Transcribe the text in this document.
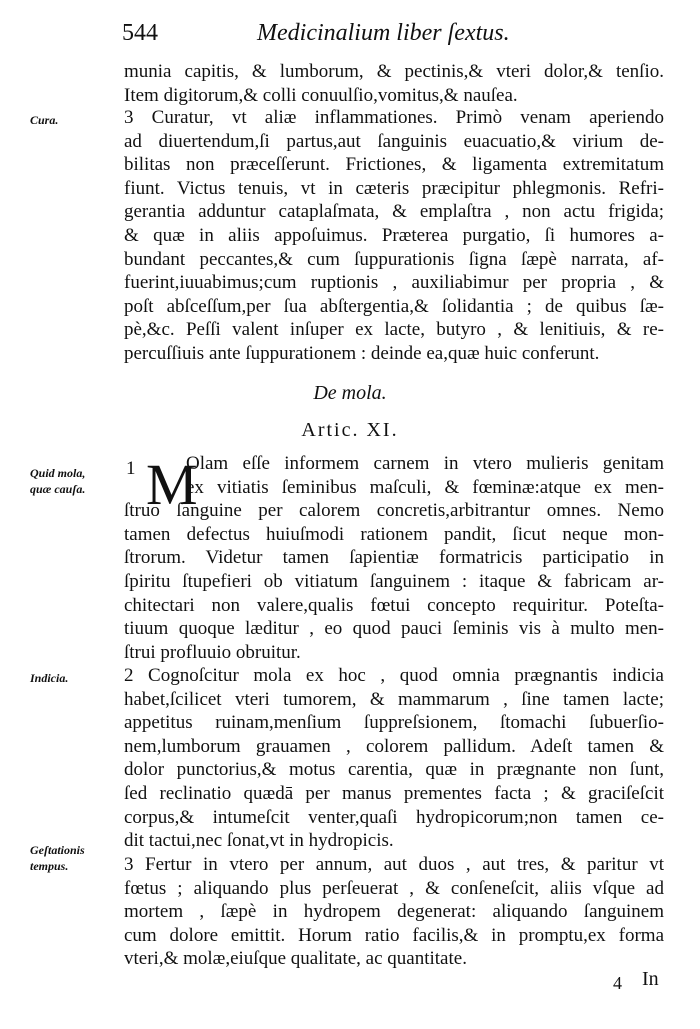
544	Medicinalium liber ſextus.
munia capitis, & lumborum, & pectinis,& vteri dolor,& tenſio.
Item digitorum,& colli conuulſio,vomitus,& nauſea.
Cura.	3 Curatur, vt aliæ inflammationes. Primò venam aperiendo
ad diuertendum,ſi partus,aut ſanguinis euacuatio,& virium de-
bilitas non præceſſerunt. Frictiones, & ligamenta extremitatum
fiunt. Victus tenuis, vt in cæteris præcipitur phlegmonis. Refri-
gerantia adduntur cataplaſmata, & emplaſtra , non actu frigida;
& quæ in aliis appoſuimus. Præterea purgatio, ſi humores a-
bundant peccantes,& cum ſuppurationis ſigna ſæpè narrata, af-
fuerint,iuuabimus;cum ruptionis , auxiliabimur per propria , &
poſt abſceſſum,per ſua abſtergentia,& ſolidantia ; de quibus ſæ-
pè,&c. Peſſi valent inſuper ex lacte, butyro , & lenitiuis, & re-
percuſſiuis ante ſuppurationem : deinde ea,quæ huic conferunt.
De mola.
Artic. XI.
Quid mola,
quæ cauſa.
1 M
Olam eſſe informem carnem in vtero mulieris genitam
ex vitiatis ſeminibus maſculi, & fœminæ:atque ex men-
ſtruo ſanguine per calorem concretis,arbitrantur omnes. Nemo
tamen defectus huiuſmodi rationem pandit, ſicut neque mon-
ſtrorum. Videtur tamen ſapientiæ formatricis participatio in
ſpiritu ſtupefieri ob vitiatum ſanguinem : itaque & fabricam ar-
chitectari non valere,qualis fœtui concepto requiritur. Poteſta-
tiuum quoque læditur , eo quod pauci ſeminis vis à multo men-
ſtrui profluuio obruitur.
Indicia.	2 Cognoſcitur mola ex hoc , quod omnia prægnantis indicia
habet,ſcilicet vteri tumorem, & mammarum , ſine tamen lacte;
appetitus ruinam,menſium ſuppreſsionem, ſtomachi ſubuerſio-
nem,lumborum grauamen , colorem pallidum. Adeſt tamen &
dolor punctorius,& motus carentia, quæ in prægnante non ſunt,
ſed reclinatio quædā per manus prementes facta ; & graciſeſcit
corpus,& intumeſcit venter,quaſi hydropicorum;non tamen ce-
dit tactui,nec ſonat,vt in hydropicis.
Geſtationis
tempus.	3 Fertur in vtero per annum, aut duos , aut tres, & paritur vt
fœtus ; aliquando plus perſeuerat , & conſeneſcit, aliis vſque ad
mortem , ſæpè in hydropem degenerat: aliquando ſanguinem
cum dolore emittit. Horum ratio facilis,& in promptu,ex forma
vteri,& molæ,eiuſque qualitate, ac quantitate.
4 In
